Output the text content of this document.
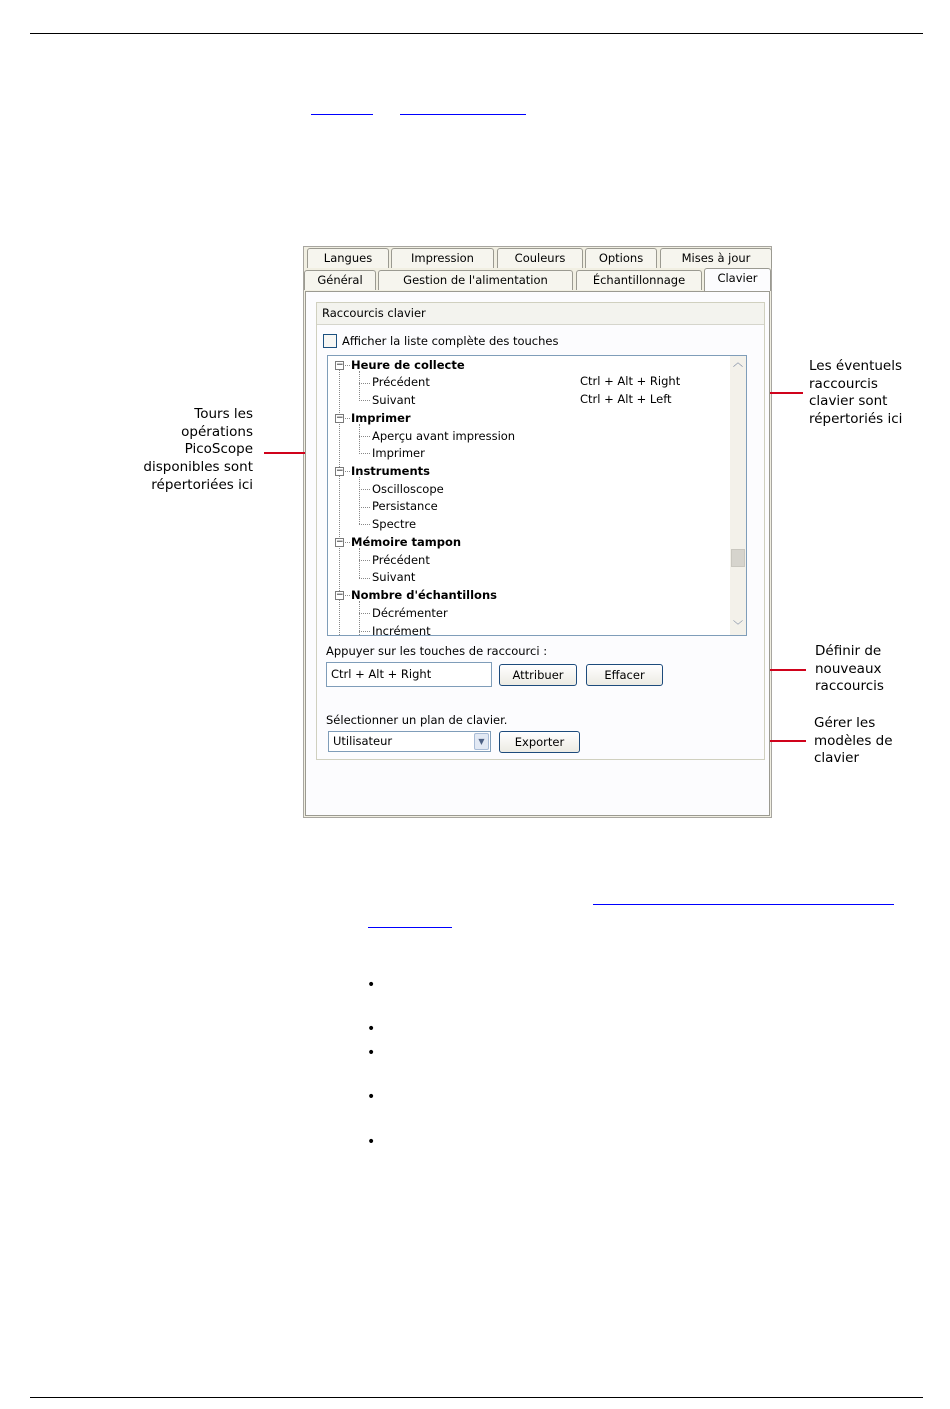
Langues	Impression	Couleurs	Options	Mises à jour
Général	Gestion de l'alimentation	Échantillonnage	Clavier
Raccourcis clavier
Afficher la liste complète des touches
− Heure de collecte
Précédent	Ctrl + Alt + Right
Suivant	Ctrl + Alt + Left
− Imprimer
Aperçu avant impression
Imprimer
− Instruments
Oscilloscope
Persistance
Spectre
− Mémoire tampon
Précédent
Suivant
− Nombre d'échantillons
Décrémenter
Incrément
︿
﹀
Appuyer sur les touches de raccourci :
Ctrl + Alt + Right	Attribuer	Effacer
Sélectionner un plan de clavier.
Utilisateur	▼	Exporter
Tours les
opérations
PicoScope
disponibles sont
répertoriées ici
Les éventuels
raccourcis
clavier sont
répertoriés ici
Définir de
nouveaux
raccourcis
Gérer les
modèles de
clavier
•
•
•
•
•
